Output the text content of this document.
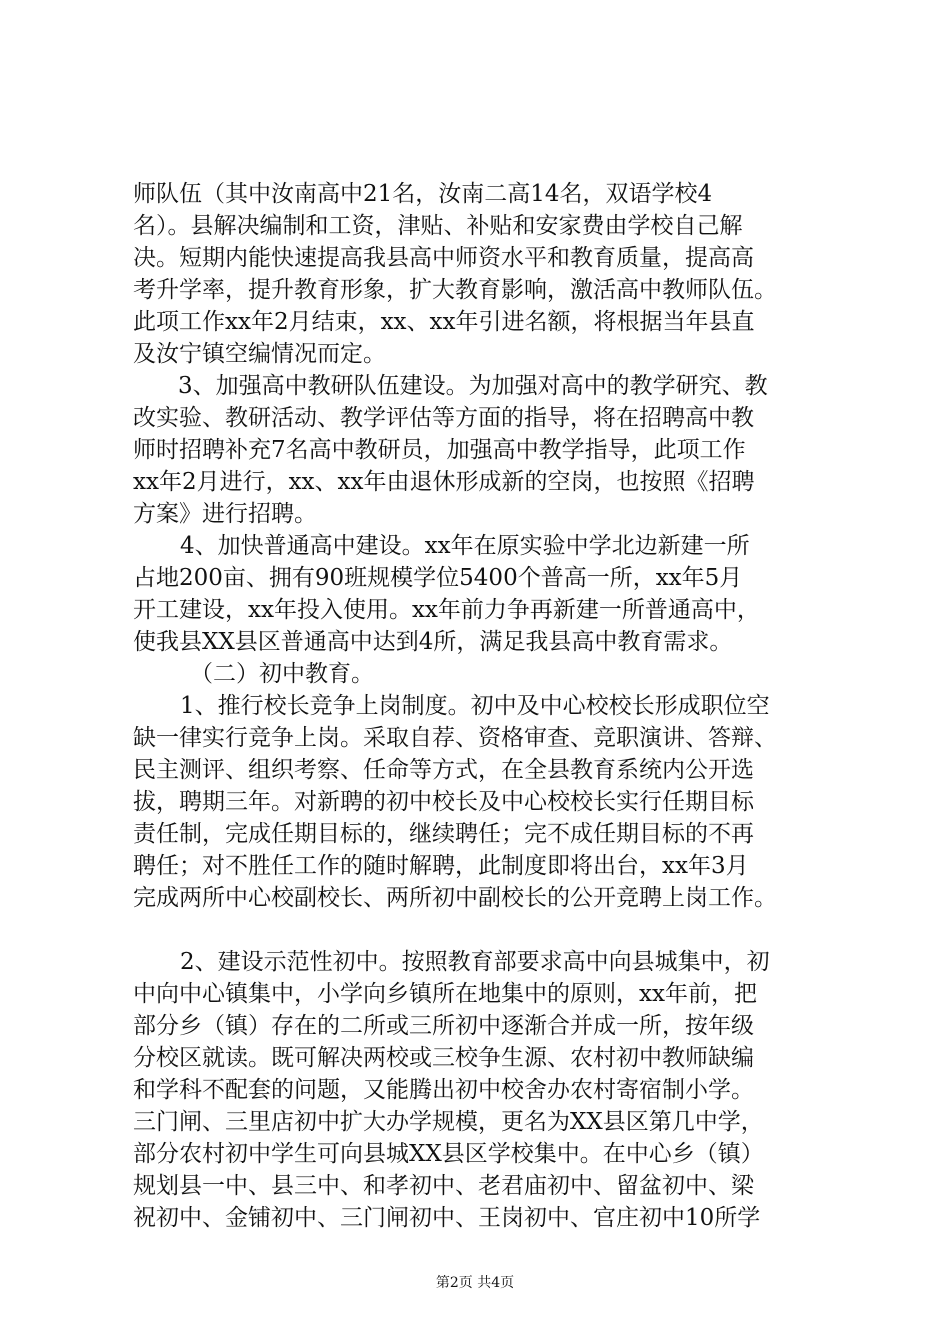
师队伍（其中汝南高中21名，汝南二高14名，双语学校4
名）。县解决编制和工资，津贴、补贴和安家费由学校自己解
决。短期内能快速提高我县高中师资水平和教育质量，提高高
考升学率，提升教育形象，扩大教育影响，激活高中教师队伍。
此项工作xx年2月结束，xx、xx年引进名额，将根据当年县直
及汝宁镇空编情况而定。
3、加强高中教研队伍建设。为加强对高中的教学研究、教
改实验、教研活动、教学评估等方面的指导，将在招聘高中教
师时招聘补充7名高中教研员，加强高中教学指导，此项工作
xx年2月进行，xx、xx年由退休形成新的空岗，也按照《招聘
方案》进行招聘。
4、加快普通高中建设。xx年在原实验中学北边新建一所
占地200亩、拥有90班规模学位5400个普高一所，xx年5月
开工建设，xx年投入使用。xx年前力争再新建一所普通高中，
使我县XX县区普通高中达到4所，满足我县高中教育需求。
（二）初中教育。
1、推行校长竞争上岗制度。初中及中心校校长形成职位空
缺一律实行竞争上岗。采取自荐、资格审查、竞职演讲、答辩、
民主测评、组织考察、任命等方式，在全县教育系统内公开选
拔，聘期三年。对新聘的初中校长及中心校校长实行任期目标
责任制，完成任期目标的，继续聘任；完不成任期目标的不再
聘任；对不胜任工作的随时解聘，此制度即将出台，xx年3月
完成两所中心校副校长、两所初中副校长的公开竞聘上岗工作。
2、建设示范性初中。按照教育部要求高中向县城集中，初
中向中心镇集中，小学向乡镇所在地集中的原则，xx年前，把
部分乡（镇）存在的二所或三所初中逐渐合并成一所，按年级
分校区就读。既可解决两校或三校争生源、农村初中教师缺编
和学科不配套的问题，又能腾出初中校舍办农村寄宿制小学。
三门闸、三里店初中扩大办学规模，更名为XX县区第几中学，
部分农村初中学生可向县城XX县区学校集中。在中心乡（镇）
规划县一中、县三中、和孝初中、老君庙初中、留盆初中、梁
祝初中、金铺初中、三门闸初中、王岗初中、官庄初中10所学
第2页 共4页
